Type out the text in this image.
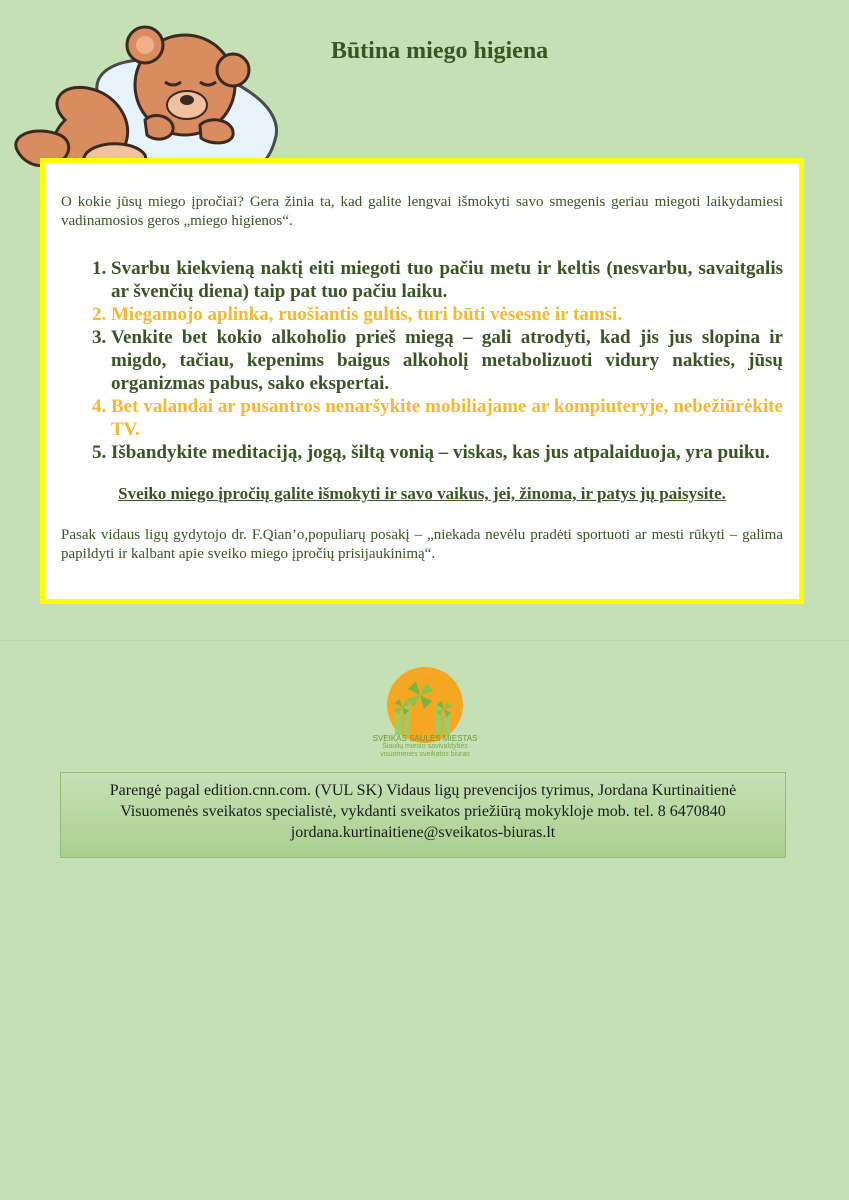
Būtina miego higiena

O kokie jūsų miego įpročiai? Gera žinia ta, kad galite lengvai išmokyti savo smegenis geriau miegoti laikydamiesi vadinamosios geros „miego higienos“.

1. Svarbu kiekvieną naktį eiti miegoti tuo pačiu metu ir keltis (nesvarbu, savaitgalis ar švenčių diena) taip pat tuo pačiu laiku.
2. Miegamojo aplinka, ruošiantis gultis, turi būti vėsesnė ir tamsi.
3. Venkite bet kokio alkoholio prieš miegą – gali atrodyti, kad jis jus slopina ir migdo, tačiau, kepenims baigus alkoholį metabolizuoti vidury nakties, jūsų organizmas pabus, sako ekspertai.
4. Bet valandai ar pusantros nenaršykite mobiliajame ar kompiuteryje, nebežiūrėkite TV.
5. Išbandykite meditaciją, jogą, šiltą vonią – viskas, kas jus atpalaiduoja, yra puiku.

Sveiko miego įpročių galite išmokyti ir savo vaikus, jei, žinoma, ir patys jų paisysite.

Pasak vidaus ligų gydytojo dr. F.Qian’o,populiarų posakį – „niekada nevėlu pradėti sportuoti ar mesti rūkyti – galima papildyti ir kalbant apie sveiko miego įpročių prisijaukinimą“.

SVEIKAS SAULĖS MIESTAS
Šiaulių miesto savivaldybės
visuomenės sveikatos biuras
Parengė pagal edition.cnn.com. (VUL SK) Vidaus ligų prevencijos tyrimus, Jordana Kurtinaitienė
Visuomenės sveikatos specialistė, vykdanti sveikatos priežiūrą mokykloje mob. tel. 8 6470840
jordana.kurtinaitiene@sveikatos-biuras.lt
